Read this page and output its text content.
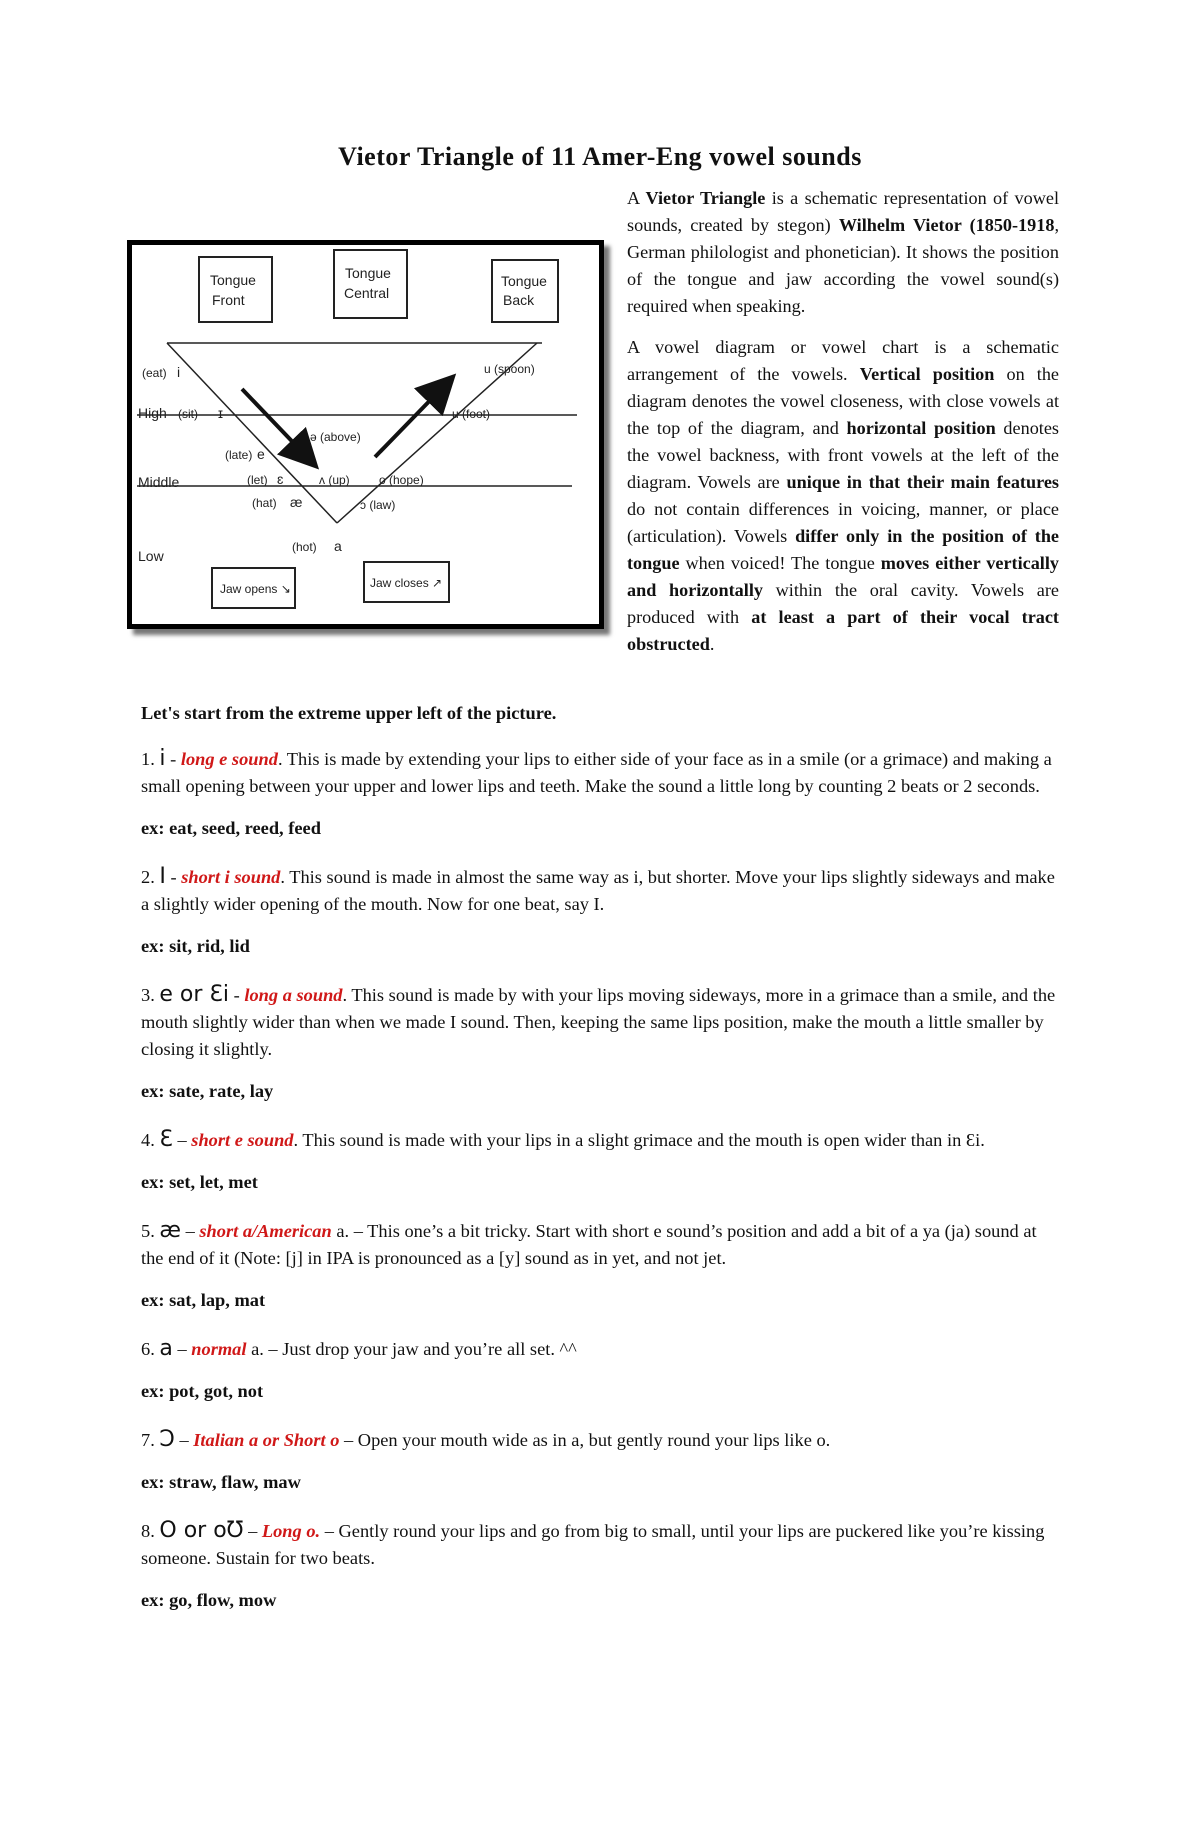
Vietor Triangle of 11 Amer-Eng vowel sounds
Tongue
Front
Tongue
Central
Tongue
Back
High
Middle
Low
(eat) i
(sit) ɪ
u (spoon)
u (foot)
ə (above)
(late) e
(let) ɛ
(hat) æ
ʌ (up) o (hope)
ɔ (law)
(hot) a
Jaw opens ↘	Jaw closes ↗

A Vietor Triangle is a schematic representation of vowel sounds, created by stegon) Wilhelm Vietor (1850-1918, German philologist and phonetician). It shows the position of the tongue and jaw according the vowel sound(s) required when speaking.

A vowel diagram or vowel chart is a schematic arrangement of the vowels. Vertical position on the diagram denotes the vowel closeness, with close vowels at the top of the diagram, and horizontal position denotes the vowel backness, with front vowels at the left of the diagram. Vowels are unique in that their main features do not contain differences in voicing, manner, or place (articulation). Vowels differ only in the position of the tongue when voiced! The tongue moves either vertically and horizontally within the oral cavity. Vowels are produced with at least a part of their vocal tract obstructed.

Let's start from the extreme upper left of the picture.

1. i - long e sound. This is made by extending your lips to either side of your face as in a smile (or a grimace) and making a small opening between your upper and lower lips and teeth. Make the sound a little long by counting 2 beats or 2 seconds.

ex: eat, seed, reed, feed

2. I - short i sound. This sound is made in almost the same way as i, but shorter. Move your lips slightly sideways and make a slightly wider opening of the mouth. Now for one beat, say I.

ex: sit, rid, lid

3. e or Ɛi - long a sound. This sound is made by with your lips moving sideways, more in a grimace than a smile, and the mouth slightly wider than when we made I sound. Then, keeping the same lips position, make the mouth a little smaller by closing it slightly.

ex: sate, rate, lay

4. Ɛ – short e sound. This sound is made with your lips in a slight grimace and the mouth is open wider than in Ɛi.

ex: set, let, met

5. æ – short a/American a. – This one’s a bit tricky. Start with short e sound’s position and add a bit of a ya (ja) sound at the end of it (Note: [j] in IPA is pronounced as a [y] sound as in yet, and not jet.

ex: sat, lap, mat

6. a – normal a. – Just drop your jaw and you’re all set. ^^

ex: pot, got, not

7. Ɔ – Italian a or Short o – Open your mouth wide as in a, but gently round your lips like o.

ex: straw, flaw, maw

8. O or oƱ – Long o. – Gently round your lips and go from big to small, until your lips are puckered like you’re kissing someone. Sustain for two beats.

ex: go, flow, mow
